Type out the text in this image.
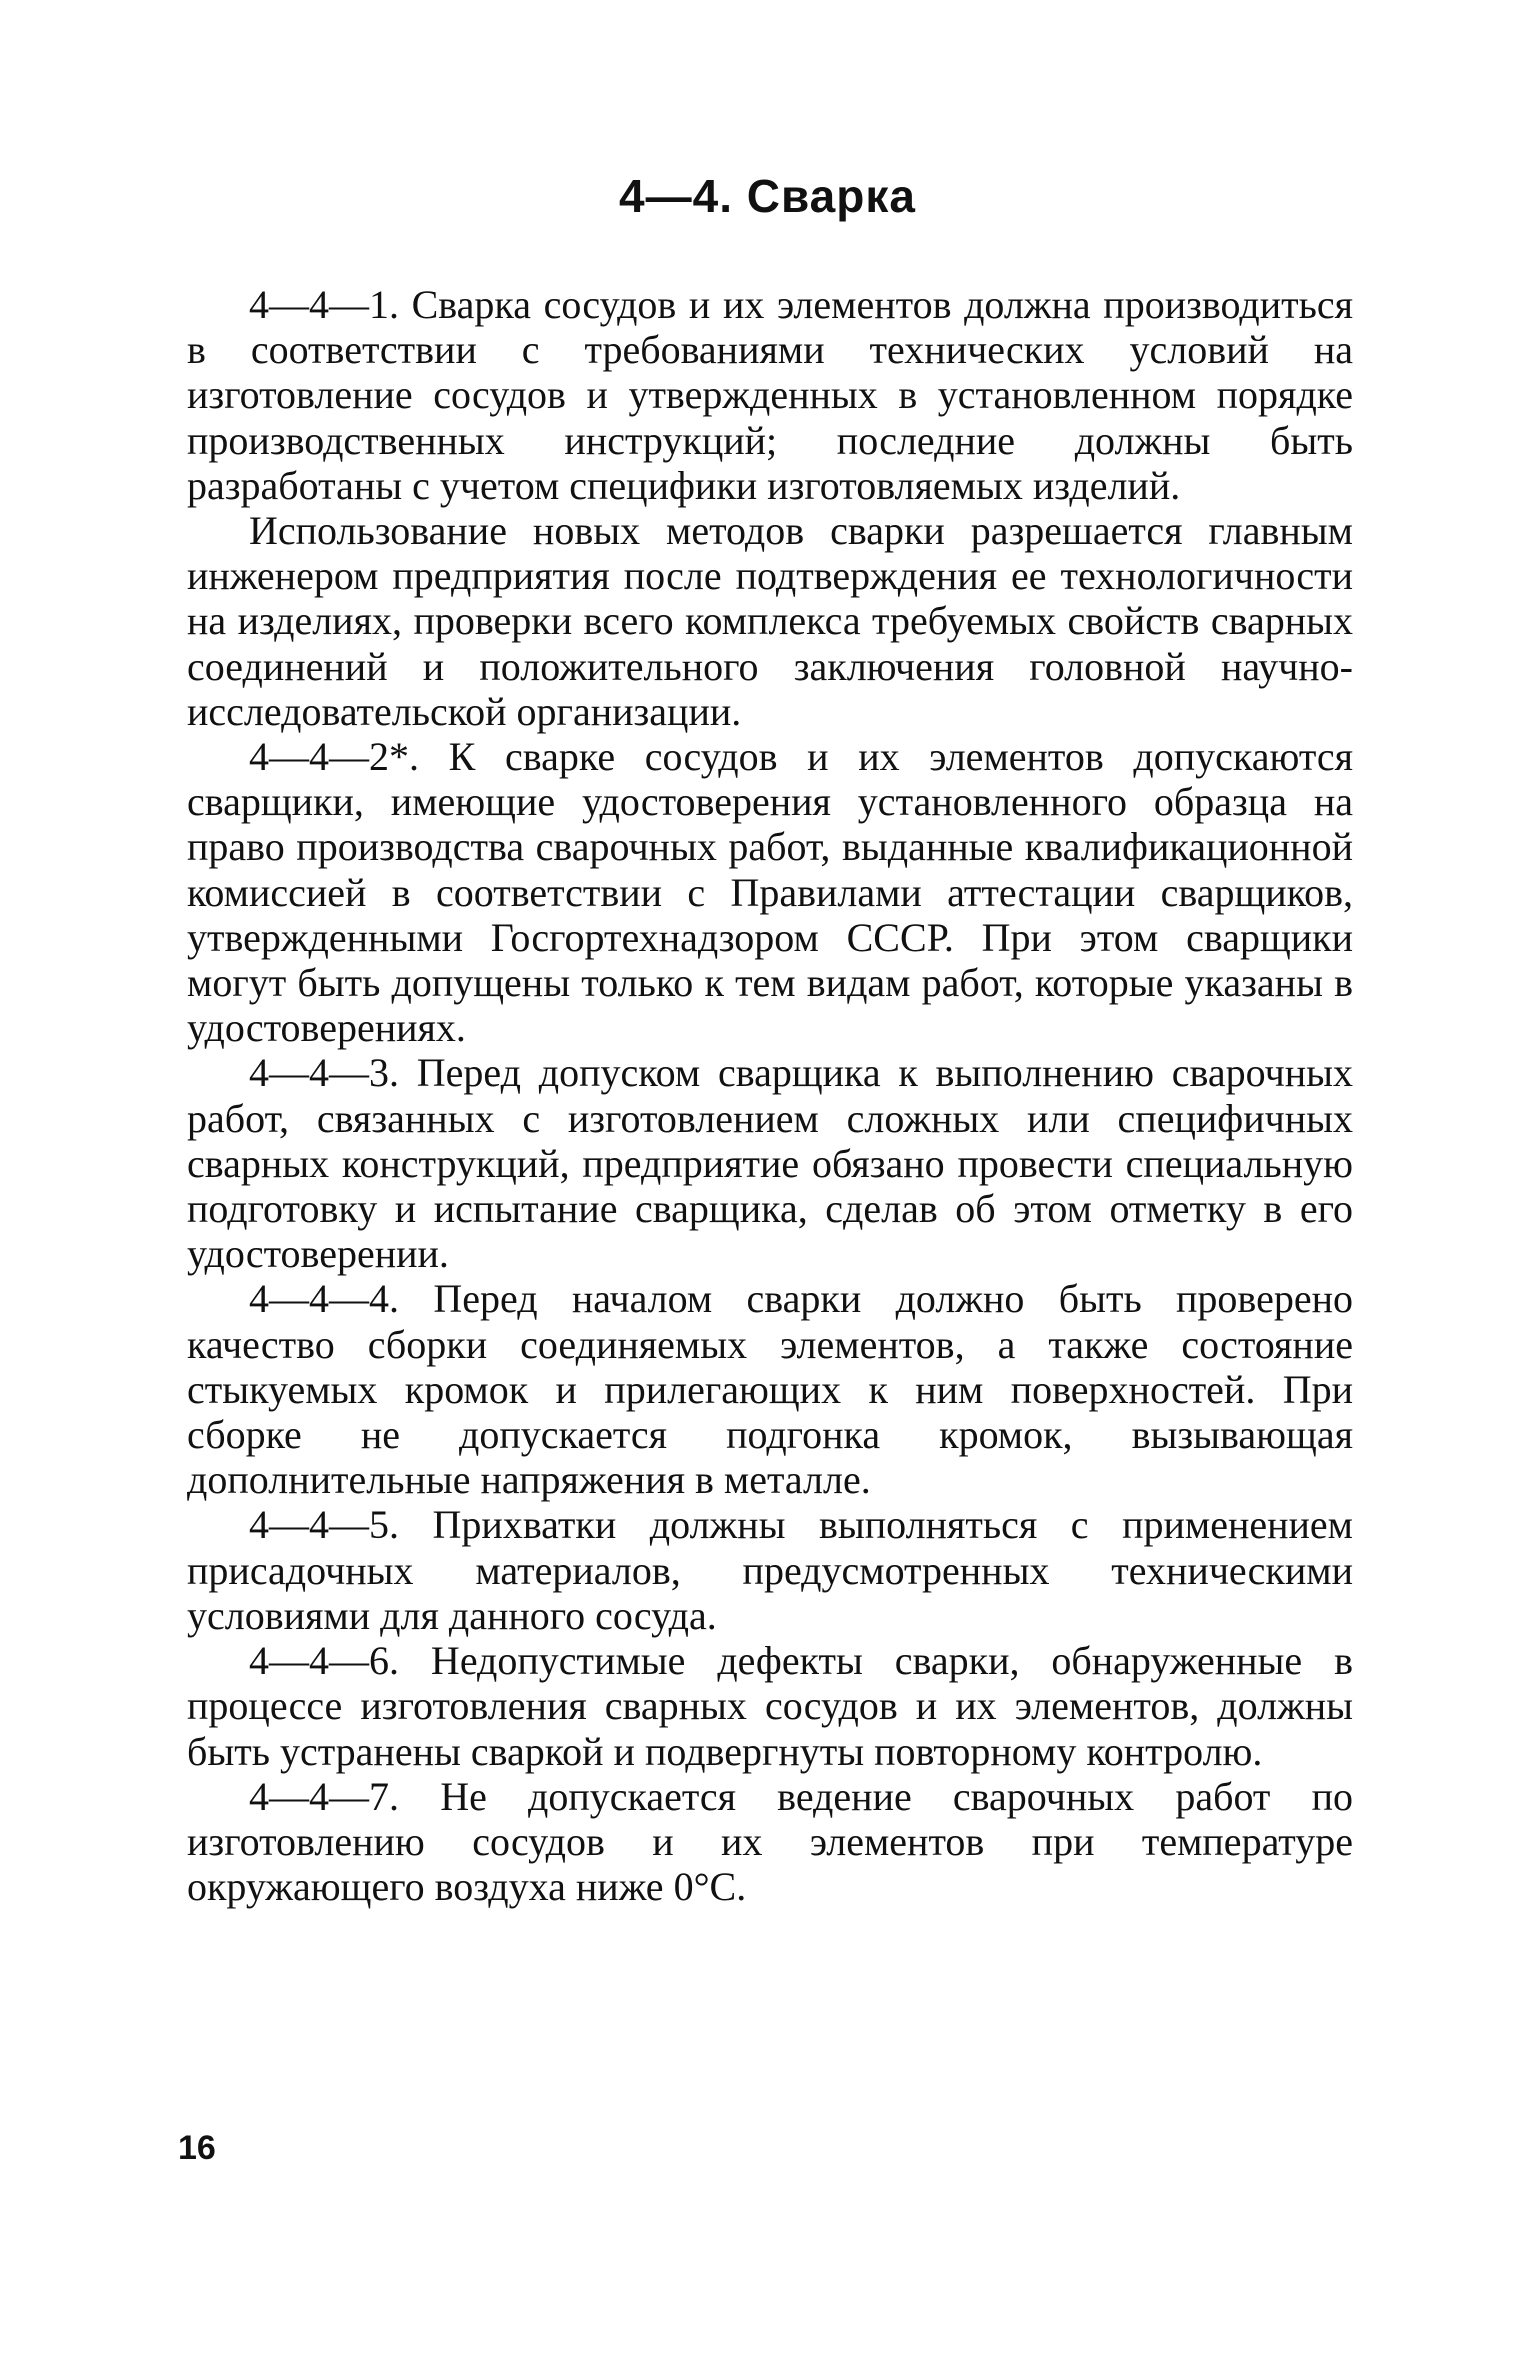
4—4. Сварка

4—4—1. Сварка сосудов и их элементов должна производиться в соответствии с требованиями технических условий на изготовление сосудов и утвержденных в установленном порядке производственных инструкций; последние должны быть разработаны с учетом специфики изготовляемых изделий.

Использование новых методов сварки разрешается главным инженером предприятия после подтверждения ее технологичности на изделиях, проверки всего комплекса требуемых свойств сварных соединений и положительного заключения головной научно-исследовательской организации.

4—4—2*. К сварке сосудов и их элементов допускаются сварщики, имеющие удостоверения установленного образца на право производства сварочных работ, выданные квалификационной комиссией в соответствии с Правилами аттестации сварщиков, утвержденными Госгортехнадзором СССР. При этом сварщики могут быть допущены только к тем видам работ, которые указаны в удостоверениях.

4—4—3. Перед допуском сварщика к выполнению сварочных работ, связанных с изготовлением сложных или специфичных сварных конструкций, предприятие обязано провести специальную подготовку и испытание сварщика, сделав об этом отметку в его удостоверении.

4—4—4. Перед началом сварки должно быть проверено качество сборки соединяемых элементов, а также состояние стыкуемых кромок и прилегающих к ним поверхностей. При сборке не допускается подгонка кромок, вызывающая дополнительные напряжения в металле.

4—4—5. Прихватки должны выполняться с применением присадочных материалов, предусмотренных техническими условиями для данного сосуда.

4—4—6. Недопустимые дефекты сварки, обнаруженные в процессе изготовления сварных сосудов и их элементов, должны быть устранены сваркой и подвергнуты повторному контролю.

4—4—7. Не допускается ведение сварочных работ по изготовлению сосудов и их элементов при температуре окружающего воздуха ниже 0°С.

16
